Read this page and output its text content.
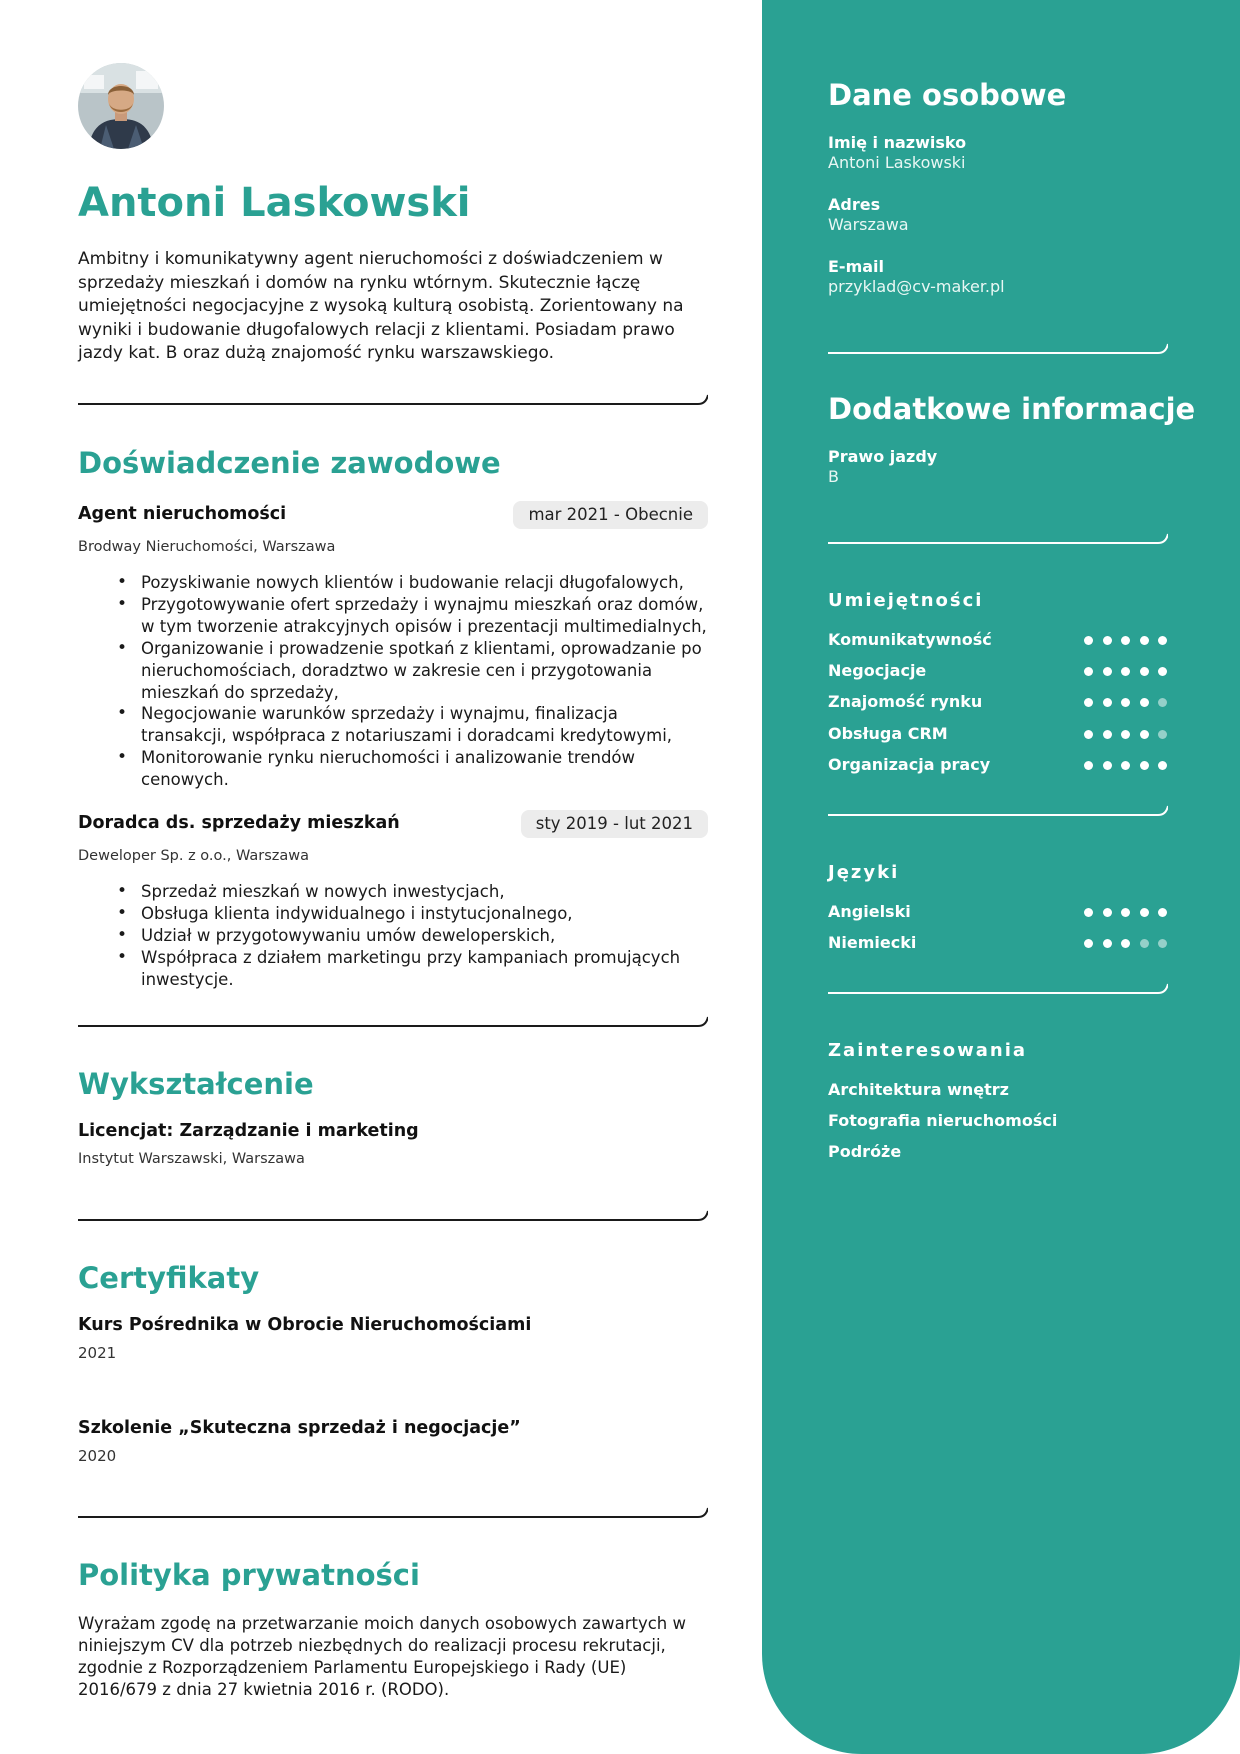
Antoni Laskowski

Ambitny i komunikatywny agent nieruchomości z doświadczeniem w sprzedaży mieszkań i domów na rynku wtórnym. Skutecznie łączę umiejętności negocjacyjne z wysoką kulturą osobistą. Zorientowany na wyniki i budowanie długofalowych relacji z klientami. Posiadam prawo jazdy kat. B oraz dużą znajomość rynku warszawskiego.

Doświadczenie zawodowe
Agent nieruchomości	mar 2021 - Obecnie

Brodway Nieruchomości, Warszawa

• Pozyskiwanie nowych klientów i budowanie relacji długofalowych,
• Przygotowywanie ofert sprzedaży i wynajmu mieszkań oraz domów, w tym tworzenie atrakcyjnych opisów i prezentacji multimedialnych,
• Organizowanie i prowadzenie spotkań z klientami, oprowadzanie po nieruchomościach, doradztwo w zakresie cen i przygotowania mieszkań do sprzedaży,
• Negocjowanie warunków sprzedaży i wynajmu, finalizacja transakcji, współpraca z notariuszami i doradcami kredytowymi,
• Monitorowanie rynku nieruchomości i analizowanie trendów cenowych.
Doradca ds. sprzedaży mieszkań	sty 2019 - lut 2021

Deweloper Sp. z o.o., Warszawa

• Sprzedaż mieszkań w nowych inwestycjach,
• Obsługa klienta indywidualnego i instytucjonalnego,
• Udział w przygotowywaniu umów deweloperskich,
• Współpraca z działem marketingu przy kampaniach promujących inwestycje.
Wykształcenie
Licencjat: Zarządzanie i marketing

Instytut Warszawski, Warszawa

Certyfikaty
Kurs Pośrednika w Obrocie Nieruchomościami

2021

Szkolenie „Skuteczna sprzedaż i negocjacje”

2020

Polityka prywatności

Wyrażam zgodę na przetwarzanie moich danych osobowych zawartych w niniejszym CV dla potrzeb niezbędnych do realizacji procesu rekrutacji, zgodnie z Rozporządzeniem Parlamentu Europejskiego i Rady (UE) 2016/679 z dnia 27 kwietnia 2016 r. (RODO).

Dane osobowe

Imię i nazwisko

Antoni Laskowski

Adres

Warszawa

E-mail

przyklad@cv-maker.pl

Dodatkowe informacje

Prawo jazdy

B

Umiejętności
Języki
Zainteresowania

Architektura wnętrz

Fotografia nieruchomości

Podróże

Komunikatywność
Negocjacje
Znajomość rynku
Obsługa CRM
Organizacja pracy
Angielski
Niemiecki
